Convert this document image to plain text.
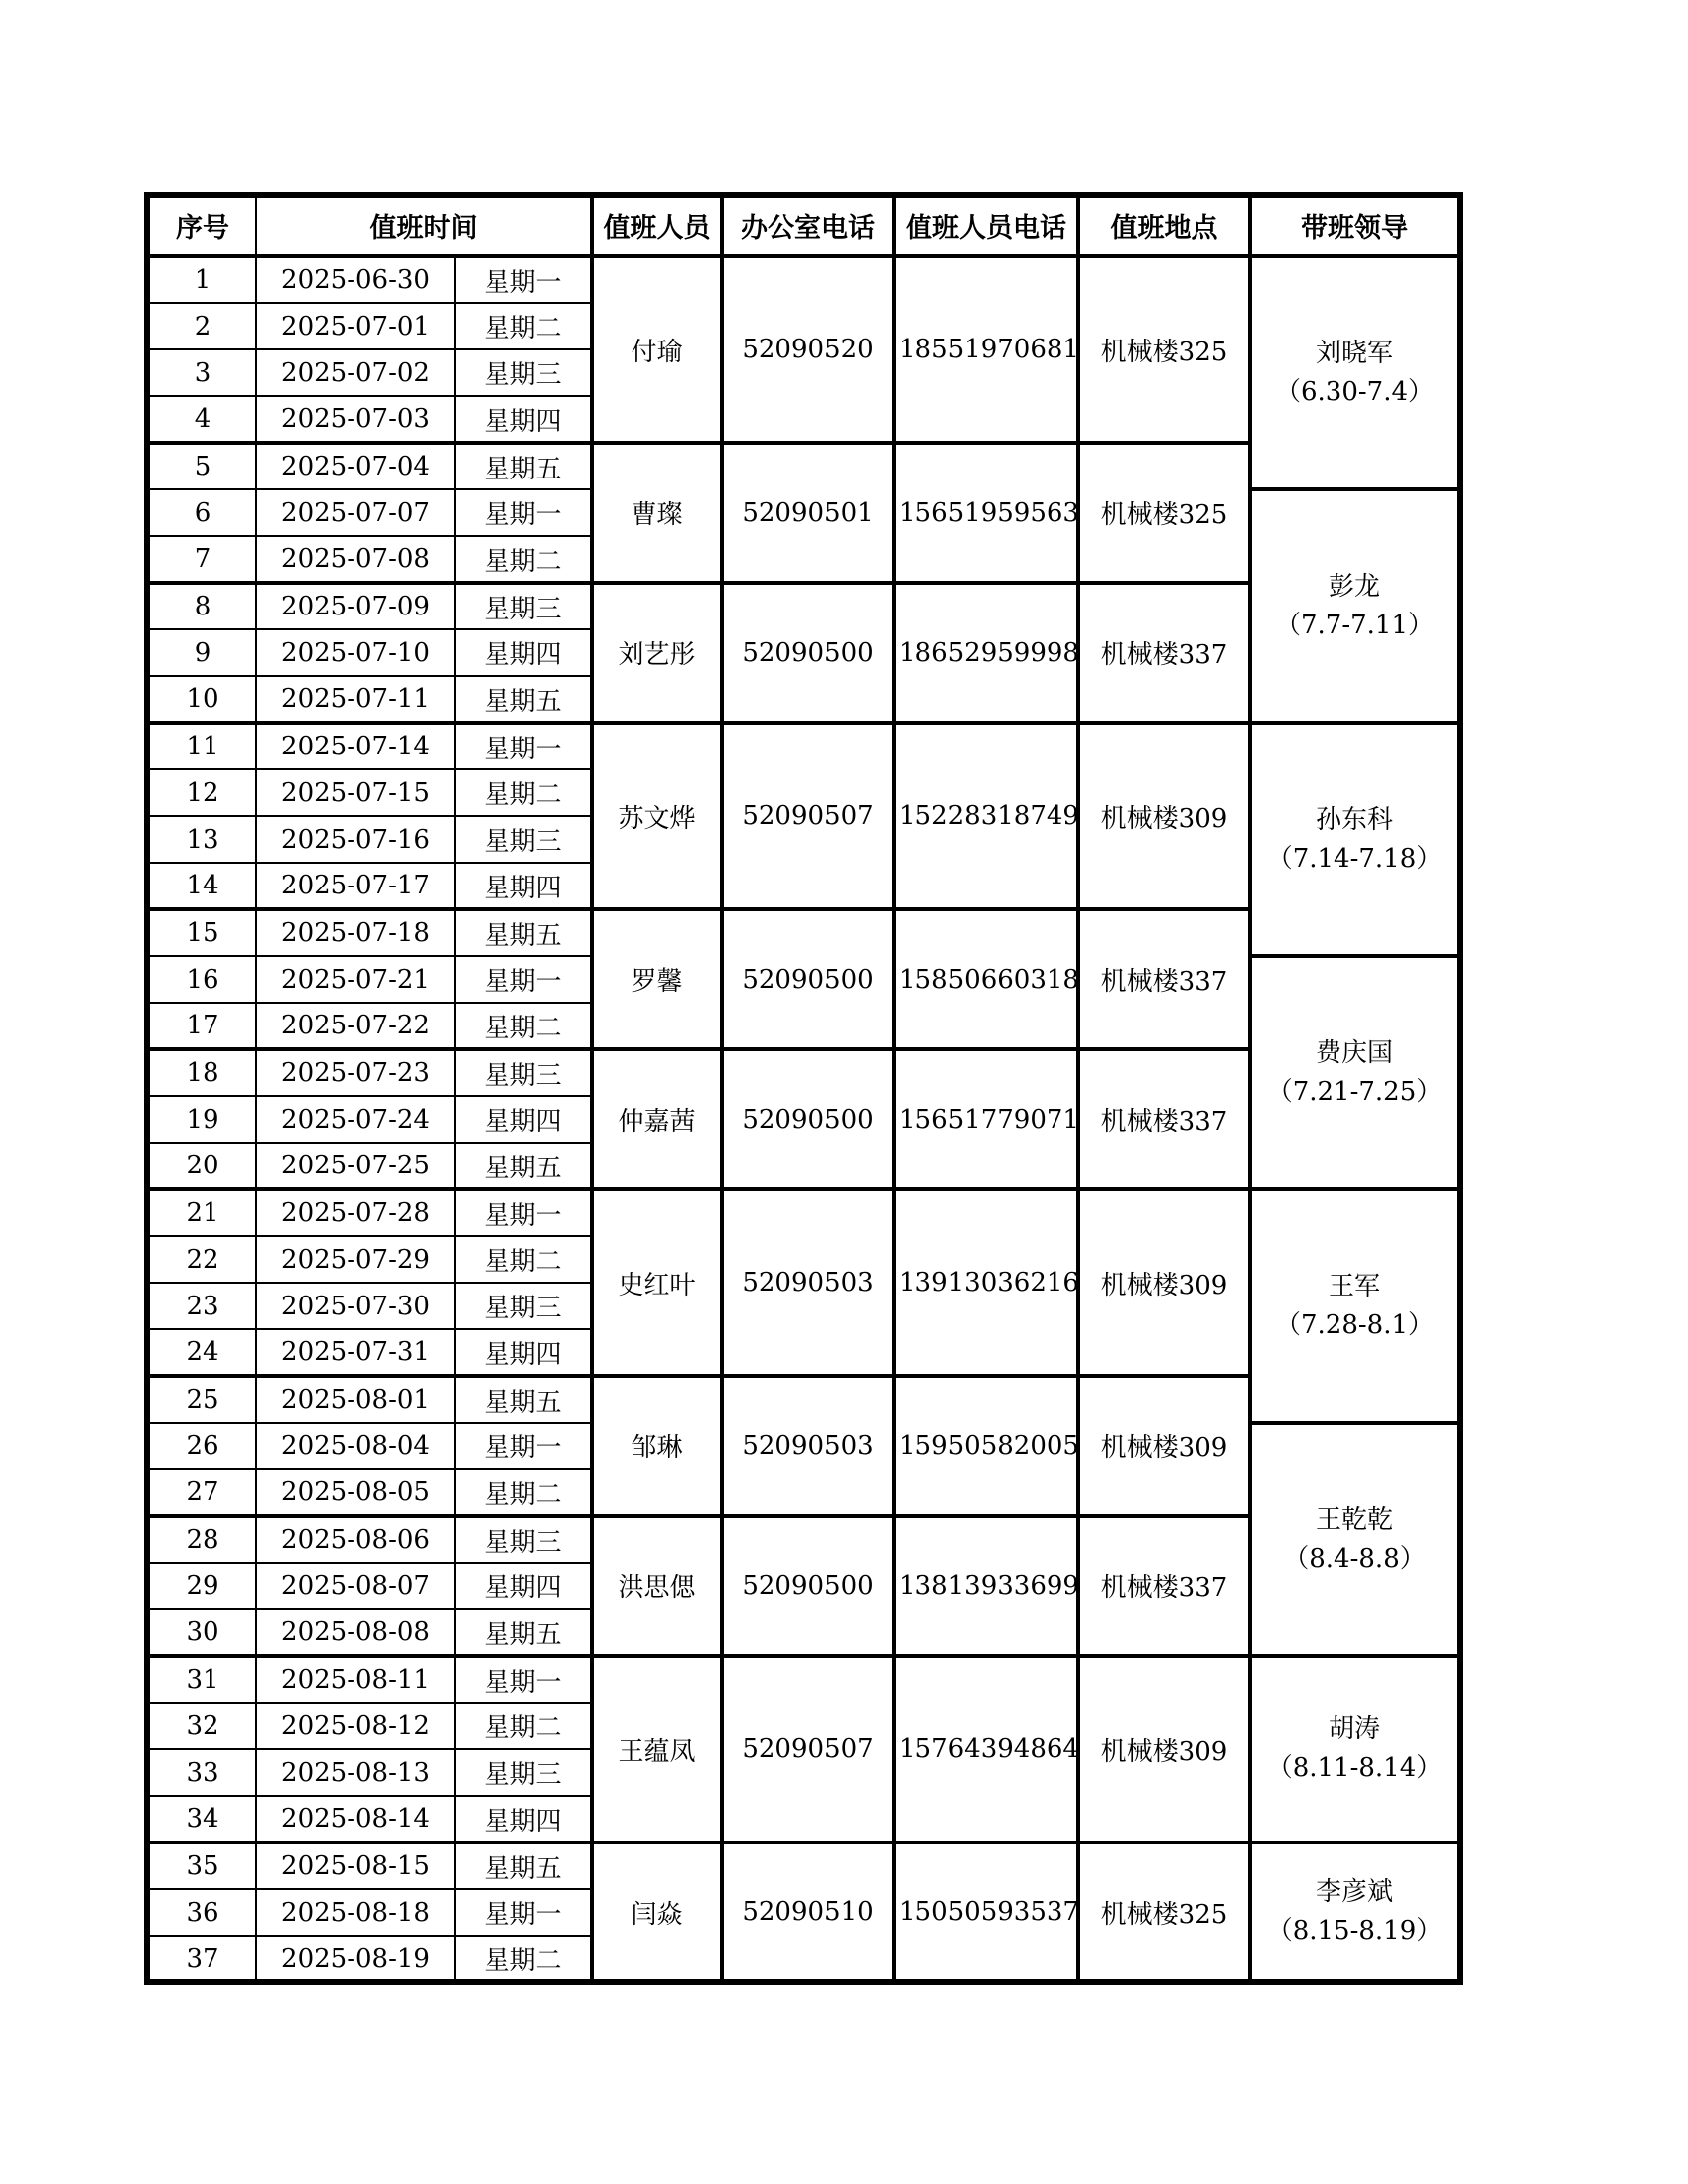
序号	值班时间		值班人员	办公室电话	值班人员电话	值班地点	带班领导
1	2025-06-30	星期一	付瑜	52090520	18551970681	机械楼325	刘晓军
（6.30-7.4）

2	2025-07-01	星期二					
3	2025-07-02	星期三					
4	2025-07-03	星期四					
5	2025-07-04	星期五	曹璨	52090501	15651959563	机械楼325	
6	2025-07-07	星期一					彭龙
（7.7-7.11）

7	2025-07-08	星期二					
8	2025-07-09	星期三	刘艺彤	52090500	18652959998	机械楼337	
9	2025-07-10	星期四					
10	2025-07-11	星期五					
11	2025-07-14	星期一	苏文烨	52090507	15228318749	机械楼309	孙东科
（7.14-7.18）

12	2025-07-15	星期二					
13	2025-07-16	星期三					
14	2025-07-17	星期四					
15	2025-07-18	星期五	罗馨	52090500	15850660318	机械楼337	
16	2025-07-21	星期一					费庆国
（7.21-7.25）

17	2025-07-22	星期二					
18	2025-07-23	星期三	仲嘉茜	52090500	15651779071	机械楼337	
19	2025-07-24	星期四					
20	2025-07-25	星期五					
21	2025-07-28	星期一	史红叶	52090503	13913036216	机械楼309	王军
（7.28-8.1）

22	2025-07-29	星期二					
23	2025-07-30	星期三					
24	2025-07-31	星期四					
25	2025-08-01	星期五	邹琳	52090503	15950582005	机械楼309	
26	2025-08-04	星期一					王乾乾
（8.4-8.8）

27	2025-08-05	星期二					
28	2025-08-06	星期三	洪思偲	52090500	13813933699	机械楼337	
29	2025-08-07	星期四					
30	2025-08-08	星期五					
31	2025-08-11	星期一	王蕴凤	52090507	15764394864	机械楼309	胡涛
（8.11-8.14）

32	2025-08-12	星期二					
33	2025-08-13	星期三					
34	2025-08-14	星期四					
35	2025-08-15	星期五	闫焱	52090510	15050593537	机械楼325	李彦斌
（8.15-8.19）

36	2025-08-18	星期一					
37	2025-08-19	星期二					
